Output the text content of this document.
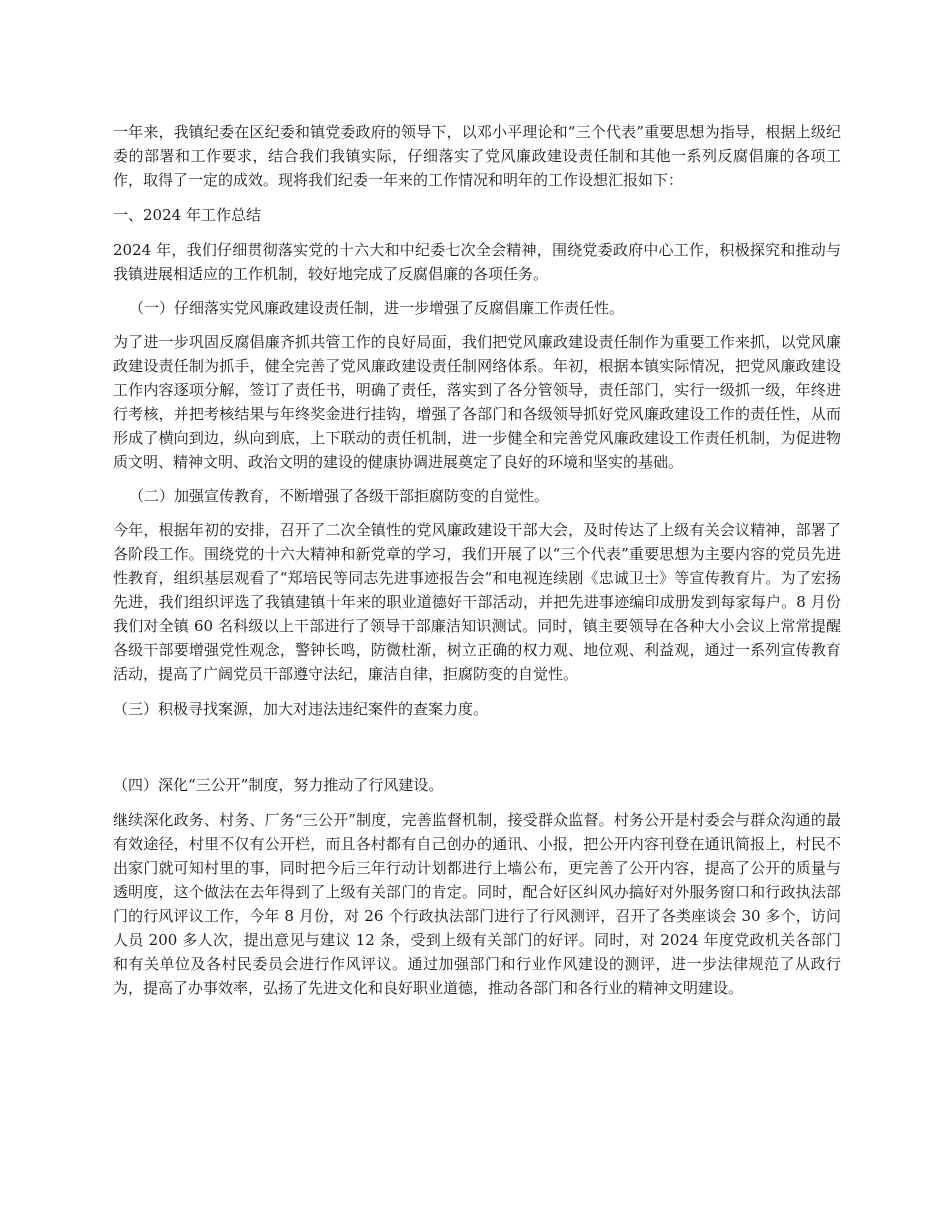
一年来，我镇纪委在区纪委和镇党委政府的领导下，以邓小平理论和“三个代表”重要思想为指导，根据上级纪委的部署和工作要求，结合我们我镇实际，仔细落实了党风廉政建设责任制和其他一系列反腐倡廉的各项工作，取得了一定的成效。现将我们纪委一年来的工作情况和明年的工作设想汇报如下：

一、2024 年工作总结

2024 年，我们仔细贯彻落实党的十六大和中纪委七次全会精神，围绕党委政府中心工作，积极探究和推动与我镇进展相适应的工作机制，较好地完成了反腐倡廉的各项任务。

（一）仔细落实党风廉政建设责任制，进一步增强了反腐倡廉工作责任性。

为了进一步巩固反腐倡廉齐抓共管工作的良好局面，我们把党风廉政建设责任制作为重要工作来抓，以党风廉政建设责任制为抓手，健全完善了党风廉政建设责任制网络体系。年初，根据本镇实际情况，把党风廉政建设工作内容逐项分解，签订了责任书，明确了责任，落实到了各分管领导，责任部门，实行一级抓一级，年终进行考核，并把考核结果与年终奖金进行挂钩，增强了各部门和各级领导抓好党风廉政建设工作的责任性，从而形成了横向到边，纵向到底，上下联动的责任机制，进一步健全和完善党风廉政建设工作责任机制，为促进物质文明、精神文明、政治文明的建设的健康协调进展奠定了良好的环境和坚实的基础。

（二）加强宣传教育，不断增强了各级干部拒腐防变的自觉性。

今年，根据年初的安排，召开了二次全镇性的党风廉政建设干部大会，及时传达了上级有关会议精神，部署了各阶段工作。围绕党的十六大精神和新党章的学习，我们开展了以“三个代表”重要思想为主要内容的党员先进性教育，组织基层观看了“郑培民等同志先进事迹报告会”和电视连续剧《忠诚卫士》等宣传教育片。为了宏扬先进，我们组织评选了我镇建镇十年来的职业道德好干部活动，并把先进事迹编印成册发到每家每户。8 月份我们对全镇 60 名科级以上干部进行了领导干部廉洁知识测试。同时，镇主要领导在各种大小会议上常常提醒各级干部要增强党性观念，警钟长鸣，防微杜渐，树立正确的权力观、地位观、利益观，通过一系列宣传教育活动，提高了广阔党员干部遵守法纪，廉洁自律，拒腐防变的自觉性。

（三）积极寻找案源，加大对违法违纪案件的查案力度。

（四）深化“三公开”制度，努力推动了行风建设。

继续深化政务、村务、厂务“三公开”制度，完善监督机制，接受群众监督。村务公开是村委会与群众沟通的最有效途径，村里不仅有公开栏，而且各村都有自己创办的通讯、小报，把公开内容刊登在通讯简报上，村民不出家门就可知村里的事，同时把今后三年行动计划都进行上墙公布，更完善了公开内容，提高了公开的质量与透明度，这个做法在去年得到了上级有关部门的肯定。同时，配合好区纠风办搞好对外服务窗口和行政执法部门的行风评议工作，今年 8 月份，对 26 个行政执法部门进行了行风测评，召开了各类座谈会 30 多个，访问人员 200 多人次，提出意见与建议 12 条，受到上级有关部门的好评。同时，对 2024 年度党政机关各部门和有关单位及各村民委员会进行作风评议。通过加强部门和行业作风建设的测评，进一步法律规范了从政行为，提高了办事效率，弘扬了先进文化和良好职业道德，推动各部门和各行业的精神文明建设。
